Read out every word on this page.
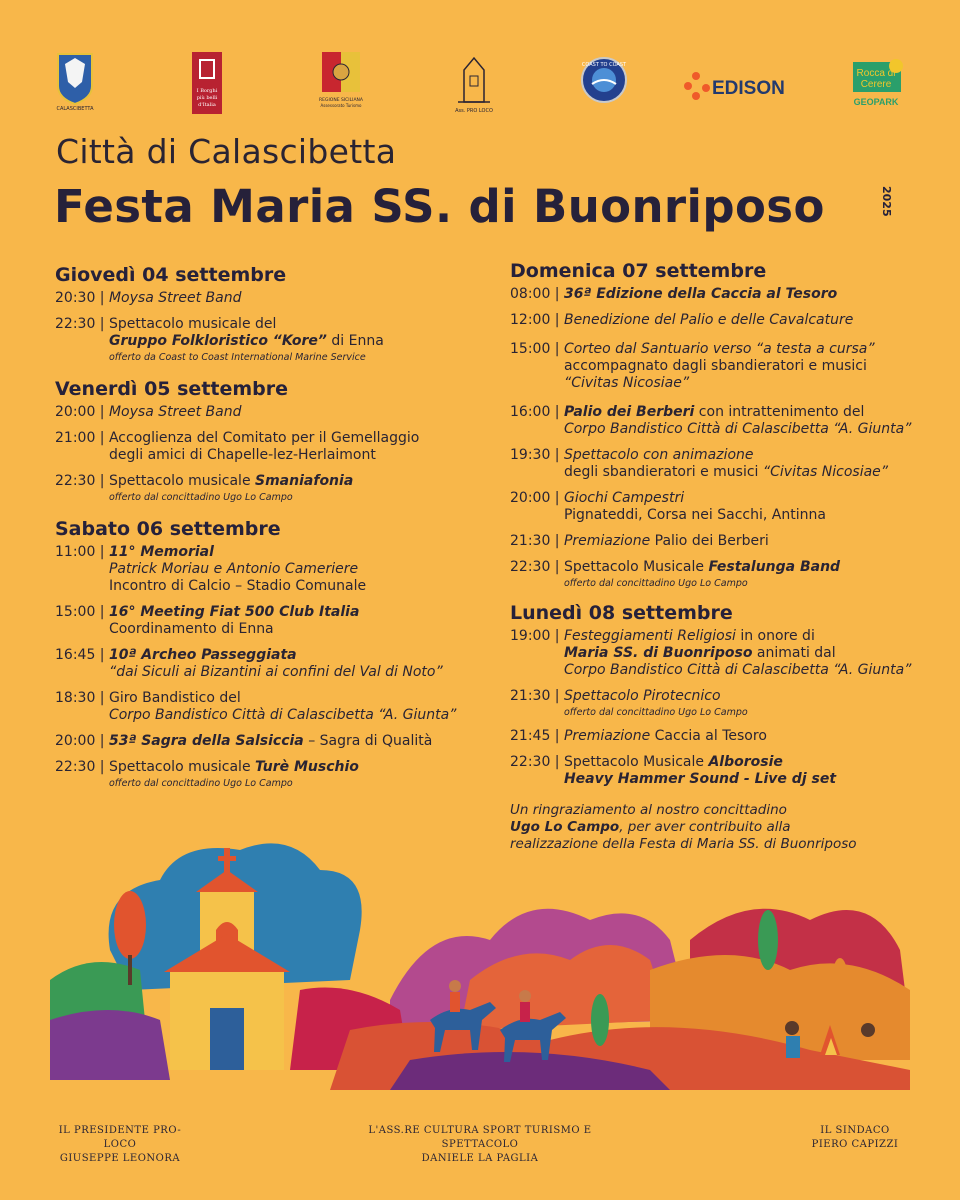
CALASCIBETTA
I Borghi
più belli
d'Italia
REGIONE SICILIANA
Assessorato Turismo
Ass. PRO LOCO
COAST TO COAST
EDISON
Rocca di
Cerere
GEOPARK
Città di Calascibetta
Festa Maria SS. di Buonriposo	2025
Giovedì 04 settembre
20:30 | Moysa Street Band
22:30 | Spettacolo musicale del
Gruppo Folkloristico “Kore” di Enna
offerto da Coast to Coast International Marine Service
Venerdì 05 settembre
20:00 | Moysa Street Band
21:00 | Accoglienza del Comitato per il Gemellaggio
degli amici di Chapelle-lez-Herlaimont
22:30 | Spettacolo musicale Smaniafonia
offerto dal concittadino Ugo Lo Campo
Sabato 06 settembre
11:00 | 11° Memorial
Patrick Moriau e Antonio Cameriere
Incontro di Calcio – Stadio Comunale
15:00 | 16° Meeting Fiat 500 Club Italia
Coordinamento di Enna
16:45 | 10ª Archeo Passeggiata
“dai Siculi ai Bizantini ai confini del Val di Noto”
18:30 | Giro Bandistico del
Corpo Bandistico Città di Calascibetta “A. Giunta”
20:00 | 53ª Sagra della Salsiccia – Sagra di Qualità
22:30 | Spettacolo musicale Turè Muschio
offerto dal concittadino Ugo Lo Campo
Domenica 07 settembre
08:00 | 36ª Edizione della Caccia al Tesoro
12:00 | Benedizione del Palio e delle Cavalcature
15:00 | Corteo dal Santuario verso “a testa a cursa”
accompagnato dagli sbandieratori e musici
“Civitas Nicosiae”
16:00 | Palio dei Berberi con intrattenimento del
Corpo Bandistico Città di Calascibetta “A. Giunta”
19:30 | Spettacolo con animazione
degli sbandieratori e musici “Civitas Nicosiae”
20:00 | Giochi Campestri
Pignateddi, Corsa nei Sacchi, Antinna
21:30 | Premiazione Palio dei Berberi
22:30 | Spettacolo Musicale Festalunga Band
offerto dal concittadino Ugo Lo Campo
Lunedì 08 settembre
19:00 | Festeggiamenti Religiosi in onore di
Maria SS. di Buonriposo animati dal
Corpo Bandistico Città di Calascibetta “A. Giunta”
21:30 | Spettacolo Pirotecnico
offerto dal concittadino Ugo Lo Campo
21:45 | Premiazione Caccia al Tesoro
22:30 | Spettacolo Musicale Alborosie
Heavy Hammer Sound - Live dj set
Un ringraziamento al nostro concittadino
Ugo Lo Campo, per aver contribuito alla
realizzazione della Festa di Maria SS. di Buonriposo
IL PRESIDENTE PRO-LOCO
GIUSEPPE LEONORA
L'ASS.RE CULTURA SPORT TURISMO E SPETTACOLO
DANIELE LA PAGLIA
IL SINDACO
PIERO CAPIZZI
